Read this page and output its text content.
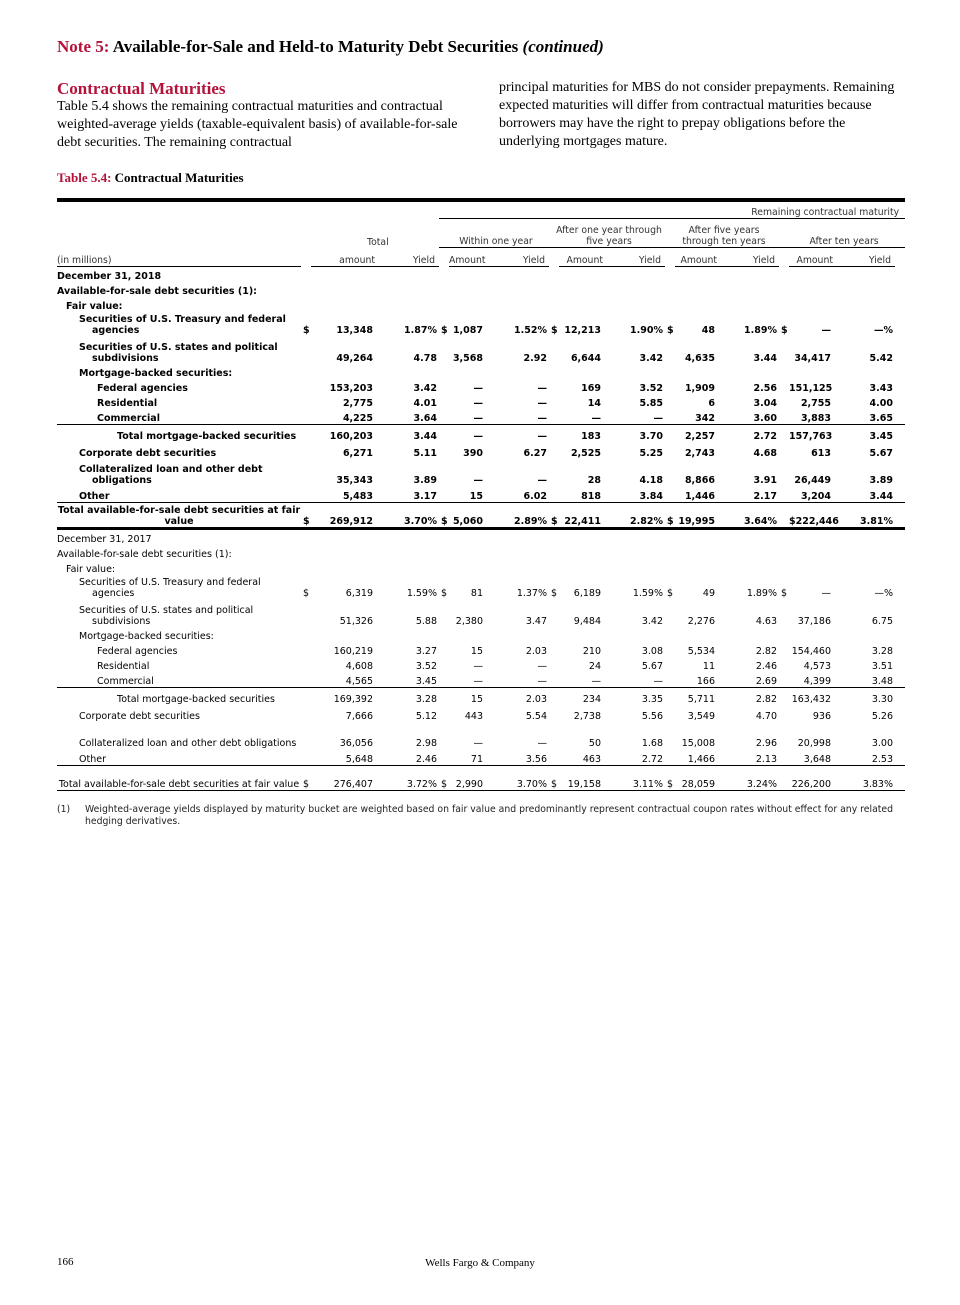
Note 5: Available-for-Sale and Held-to Maturity Debt Securities (continued)
Contractual Maturities

Table 5.4 shows the remaining contractual maturities and contractual weighted-average yields (taxable-equivalent basis) of available-for-sale debt securities. The remaining contractual

principal maturities for MBS do not consider prepayments. Remaining expected maturities will differ from contractual maturities because borrowers may have the right to prepay obligations before the underlying mortgages mature.

Table 5.4: Contractual Maturities
				Remaining contractual maturity													
	Total			Within one year			After one year through five years			After five years through ten years			After ten years				
(in millions)		amount	Yield		Amount	Yield		Amount	Yield		Amount	Yield		Amount	Yield		
December 31, 2018																	
Available-for-sale debt securities (1):																	
Fair value:																	

Securities of U.S. Treasury and federal agencies	$	13,348	1.87%	$	1,087	1.52%	$	12,213	1.90%	$	48	1.89%	$	—	—%		

Securities of U.S. states and political subdivisions		49,264	4.78		3,568	2.92		6,644	3.42		4,635	3.44		34,417	5.42		
Mortgage-backed securities:																	
Federal agencies		153,203	3.42		—	—		169	3.52		1,909	2.56		151,125	3.43		
Residential		2,775	4.01		—	—		14	5.85		6	3.04		2,755	4.00		
Commercial		4,225	3.64		—	—		—	—		342	3.60		3,883	3.65		
Total mortgage-backed securities		160,203	3.44		—	—		183	3.70		2,257	2.72		157,763	3.45		
Corporate debt securities		6,271	5.11		390	6.27		2,525	5.25		2,743	4.68		613	5.67		

Collateralized loan and other debt obligations		35,343	3.89		—	—		28	4.18		8,866	3.91		26,449	3.89		
Other		5,483	3.17		15	6.02		818	3.84		1,446	2.17		3,204	3.44		
Total available-for-sale debt securities at fair value	$	269,912	3.70%	$	5,060	2.89%	$	22,411	2.82%	$	19,995	3.64%		$222,446	3.81%		
December 31, 2017																	
Available-for-sale debt securities (1):																	
Fair value:																	

Securities of U.S. Treasury and federal agencies	$	6,319	1.59%	$	81	1.37%	$	6,189	1.59%	$	49	1.89%	$	—	—%		

Securities of U.S. states and political subdivisions		51,326	5.88		2,380	3.47		9,484	3.42		2,276	4.63		37,186	6.75		
Mortgage-backed securities:																	
Federal agencies		160,219	3.27		15	2.03		210	3.08		5,534	2.82		154,460	3.28		
Residential		4,608	3.52		—	—		24	5.67		11	2.46		4,573	3.51		
Commercial		4,565	3.45		—	—		—	—		166	2.69		4,399	3.48		
Total mortgage-backed securities		169,392	3.28		15	2.03		234	3.35		5,711	2.82		163,432	3.30		
Corporate debt securities		7,666	5.12		443	5.54		2,738	5.56		3,549	4.70		936	5.26		

Collateralized loan and other debt obligations		36,056	2.98		—	—		50	1.68		15,008	2.96		20,998	3.00		
Other		5,648	2.46		71	3.56		463	2.72		1,466	2.13		3,648	2.53		
Total available-for-sale debt securities at fair value	$	276,407	3.72%	$	2,990	3.70%	$	19,158	3.11%	$	28,059	3.24%		226,200	3.83%		
(1) Weighted-average yields displayed by maturity bucket are weighted based on fair value and predominantly represent contractual coupon rates without effect for any related hedging derivatives.
166	Wells Fargo & Company
